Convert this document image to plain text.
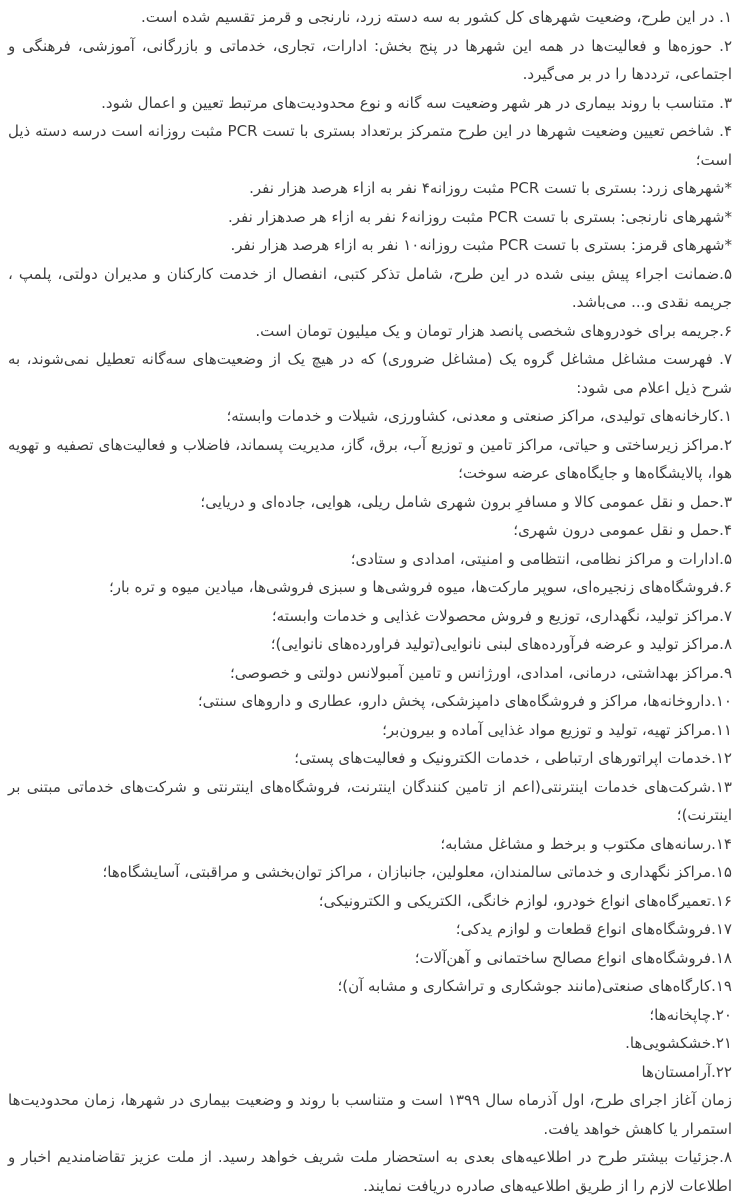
۱. در این طرح، وضعیت شهرهای کل کشور به سه دسته زرد، نارنجی و قرمز تقسیم شده است.

۲. حوزه‌ها و فعالیت‌ها در همه این شهرها در پنج بخش: ادارات، تجاری، خدماتی و بازرگانی، آموزشی، فرهنگی و اجتماعی، ترددها را در بر می‌گیرد.

۳. متناسب با روند بیماری در هر شهر وضعیت سه گانه و نوع محدودیت‌های مرتبط تعیین و اعمال شود.

۴. شاخص تعیین وضعیت شهرها در این طرح متمرکز برتعداد بستری با تست PCR مثبت روزانه است درسه دسته ذیل است؛

*شهرهای زرد: بستری با تست PCR مثبت روزانه۴ نفر به ازاء هرصد هزار نفر.

*شهرهای نارنجی: بستری با تست PCR مثبت روزانه۶ نفر به ازاء هر صدهزار نفر.

*شهرهای قرمز: بستری با تست PCR مثبت روزانه۱۰ نفر به ازاء هرصد هزار نفر.

۵.ضمانت اجراء پیش بینی شده در این طرح، شامل تذکر کتبی، انفصال از خدمت کارکنان و مدیران دولتی، پلمپ ، جریمه نقدی و... می‌باشد.

۶.جریمه برای خودروهای شخصی پانصد هزار تومان و یک میلیون تومان است.

۷. فهرست مشاغل مشاغل گروه یک (مشاغل ضروری) که در هیچ یک از وضعیت‌های سه‌گانه تعطیل نمی‌شوند، به شرح ذیل اعلام می شود:

۱.کارخانه‌های تولیدی، مراکز صنعتی و معدنی، کشاورزی، شیلات و خدمات وابسته؛

۲.مراکز زیرساختی و حیاتی، مراکز تامین و توزیع آب، برق، گاز، مدیریت پسماند، فاضلاب و فعالیت‌های تصفیه و تهویه هوا، پالایشگاه‌ها و جایگاه‌های عرضه سوخت؛

۳.حمل و نقل عمومی کالا و مسافرِ برون شهری شامل ریلی، هوایی، جاده‌ای و دریایی؛

۴.حمل و نقل عمومی درون شهری؛

۵.ادارات و مراکز نظامی، انتظامی و امنیتی، امدادی و ستادی؛

۶.فروشگاه‌های زنجیره‌ای، سوپر مارکت‌ها، میوه فروشی‌ها و سبزی فروشی‌ها، میادین میوه و تره بار؛

۷.مراکز تولید، نگهداری، توزیع و فروش محصولات غذایی و خدمات وابسته؛

۸.مراکز تولید و عرضه فرآورده‌های لبنی نانوایی(تولید فراورده‌های نانوایی)؛

۹.مراکز بهداشتی، درمانی، امدادی، اورژانس و تامین آمبولانس دولتی و خصوصی؛

۱۰.داروخانه‌ها، مراکز و فروشگاه‌های دامپزشکی، پخش دارو، عطاری و داروهای سنتی؛

۱۱.مراکز تهیه، تولید و توزیع مواد غذایی آماده و بیرون‌بر؛

۱۲.خدمات اپراتورهای ارتباطی ، خدمات الکترونیک و فعالیت‌های پستی؛

۱۳.شرکت‌های خدمات اینترنتی(اعم از تامین کنندگان اینترنت، فروشگاه‌های اینترنتی و شرکت‌های خدماتی مبتنی بر اینترنت)؛

۱۴.رسانه‌های مکتوب و برخط و مشاغل مشابه؛

۱۵.مراکز نگهداری و خدماتی سالمندان، معلولین، جانبازان ، مراکز توان‌بخشی و مراقبتی، آسایشگاه‌ها؛

۱۶.تعمیرگاه‌های انواع خودرو، لوازم خانگی، الکتریکی و الکترونیکی؛

۱۷.فروشگاه‌های انواع قطعات و لوازم یدکی؛

۱۸.فروشگاه‌های انواع مصالح ساختمانی و آهن‌آلات؛

۱۹.کارگاه‌های صنعتی(مانند جوشکاری و تراشکاری و مشابه آن)؛

۲۰.چاپخانه‌ها؛

۲۱.خشکشویی‌ها.

۲۲.آرامستان‌ها

زمان آغاز اجرای طرح، اول آذرماه سال ۱۳۹۹ است و متناسب با روند و وضعیت بیماری در شهرها، زمان محدودیت‌ها استمرار یا کاهش خواهد یافت.

۸.جزئیات بیشتر طرح در اطلاعیه‌های بعدی به استحضار ملت شریف خواهد رسید. از ملت عزیز تقاضامندیم اخبار و اطلاعات لازم را از طریق اطلاعیه‌های صادره دریافت نمایند.
